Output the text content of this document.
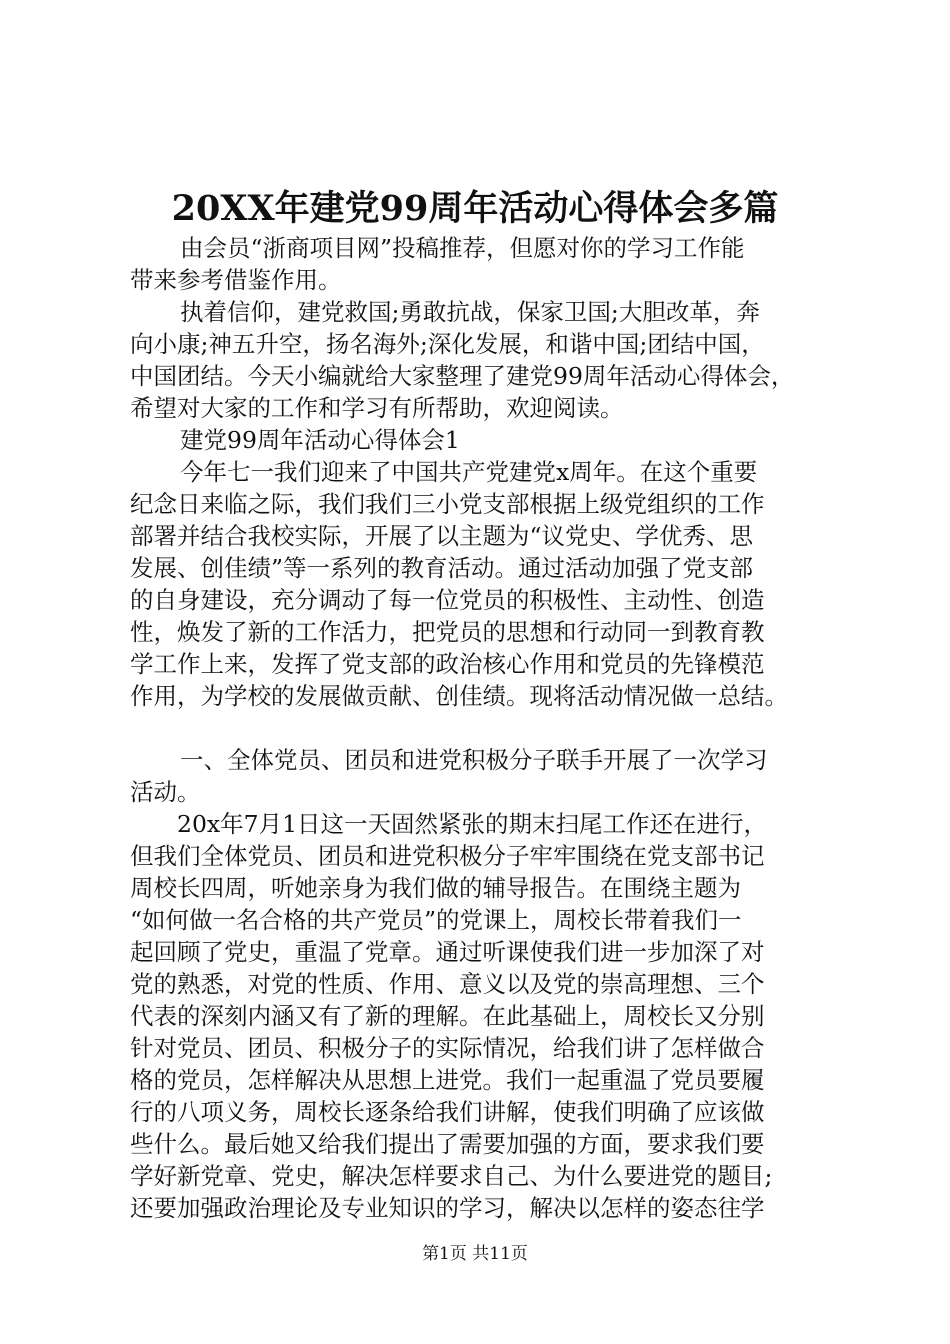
20XX年建党99周年活动心得体会多篇
由会员“浙商项目网”投稿推荐，但愿对你的学习工作能
带来参考借鉴作用。
执着信仰，建党救国;勇敢抗战，保家卫国;大胆改革，奔
向小康;神五升空，扬名海外;深化发展，和谐中国;团结中国，
中国团结。今天小编就给大家整理了建党99周年活动心得体会，
希望对大家的工作和学习有所帮助，欢迎阅读。
建党99周年活动心得体会1
今年七一我们迎来了中国共产党建党x周年。在这个重要
纪念日来临之际，我们我们三小党支部根据上级党组织的工作
部署并结合我校实际，开展了以主题为“议党史、学优秀、思
发展、创佳绩”等一系列的教育活动。通过活动加强了党支部
的自身建设，充分调动了每一位党员的积极性、主动性、创造
性，焕发了新的工作活力，把党员的思想和行动同一到教育教
学工作上来，发挥了党支部的政治核心作用和党员的先锋模范
作用，为学校的发展做贡献、创佳绩。现将活动情况做一总结。
一、全体党员、团员和进党积极分子联手开展了一次学习
活动。
20x年7月1日这一天固然紧张的期末扫尾工作还在进行，
但我们全体党员、团员和进党积极分子牢牢围绕在党支部书记
周校长四周，听她亲身为我们做的辅导报告。在围绕主题为
“如何做一名合格的共产党员”的党课上，周校长带着我们一
起回顾了党史，重温了党章。通过听课使我们进一步加深了对
党的熟悉，对党的性质、作用、意义以及党的崇高理想、三个
代表的深刻内涵又有了新的理解。在此基础上，周校长又分别
针对党员、团员、积极分子的实际情况，给我们讲了怎样做合
格的党员，怎样解决从思想上进党。我们一起重温了党员要履
行的八项义务，周校长逐条给我们讲解，使我们明确了应该做
些什么。最后她又给我们提出了需要加强的方面，要求我们要
学好新党章、党史，解决怎样要求自己、为什么要进党的题目;
还要加强政治理论及专业知识的学习，解决以怎样的姿态往学
第1页 共11页
